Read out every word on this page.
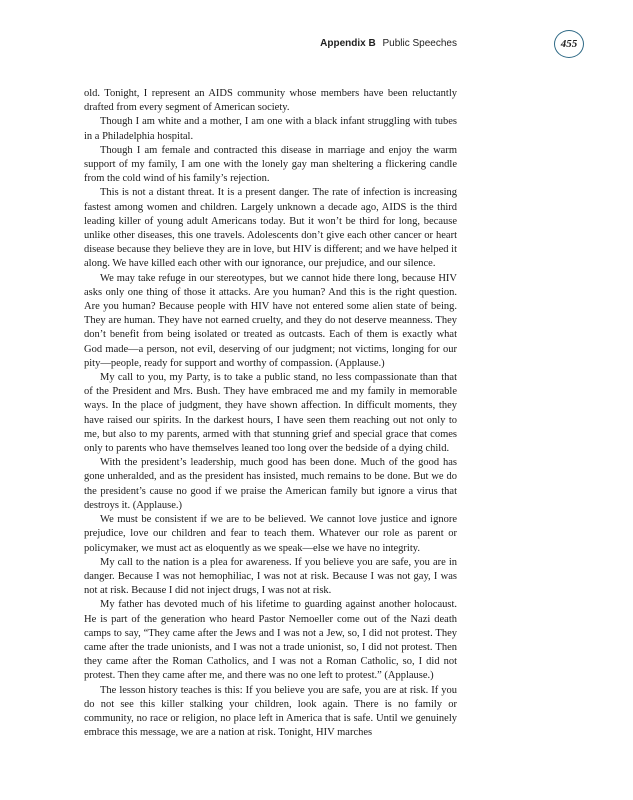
Appendix B Public Speeches	455

old. Tonight, I represent an AIDS community whose members have been reluctantly drafted from every segment of American society.

Though I am white and a mother, I am one with a black infant struggling with tubes in a Philadelphia hospital.

Though I am female and contracted this disease in marriage and enjoy the warm support of my family, I am one with the lonely gay man sheltering a flickering candle from the cold wind of his family’s rejection.

This is not a distant threat. It is a present danger. The rate of infection is increasing fastest among women and children. Largely unknown a decade ago, AIDS is the third leading killer of young adult Americans today. But it won’t be third for long, because unlike other diseases, this one travels. Adolescents don’t give each other cancer or heart disease because they believe they are in love, but HIV is different; and we have helped it along. We have killed each other with our ignorance, our prejudice, and our silence.

We may take refuge in our stereotypes, but we cannot hide there long, because HIV asks only one thing of those it attacks. Are you human? And this is the right question. Are you human? Because people with HIV have not entered some alien state of being. They are human. They have not earned cruelty, and they do not deserve meanness. They don’t benefit from being isolated or treated as outcasts. Each of them is exactly what God made—a person, not evil, deserving of our judgment; not victims, longing for our pity—people, ready for support and worthy of compassion. (Applause.)

My call to you, my Party, is to take a public stand, no less compassionate than that of the President and Mrs. Bush. They have embraced me and my family in memorable ways. In the place of judgment, they have shown affection. In difficult moments, they have raised our spirits. In the darkest hours, I have seen them reaching out not only to me, but also to my parents, armed with that stunning grief and special grace that comes only to parents who have themselves leaned too long over the bedside of a dying child.

With the president’s leadership, much good has been done. Much of the good has gone unheralded, and as the president has insisted, much remains to be done. But we do the president’s cause no good if we praise the American family but ignore a virus that destroys it. (Applause.)

We must be consistent if we are to be believed. We cannot love justice and ignore prejudice, love our children and fear to teach them. Whatever our role as parent or policymaker, we must act as eloquently as we speak—else we have no integrity.

My call to the nation is a plea for awareness. If you believe you are safe, you are in danger. Because I was not hemophiliac, I was not at risk. Because I was not gay, I was not at risk. Because I did not inject drugs, I was not at risk.

My father has devoted much of his lifetime to guarding against another holocaust. He is part of the generation who heard Pastor Nemoeller come out of the Nazi death camps to say, “They came after the Jews and I was not a Jew, so, I did not protest. They came after the trade unionists, and I was not a trade unionist, so, I did not protest. Then they came after the Roman Catholics, and I was not a Roman Catholic, so, I did not protest. Then they came after me, and there was no one left to protest.” (Applause.)

The lesson history teaches is this: If you believe you are safe, you are at risk. If you do not see this killer stalking your children, look again. There is no family or community, no race or religion, no place left in America that is safe. Until we genuinely embrace this message, we are a nation at risk. Tonight, HIV marches
